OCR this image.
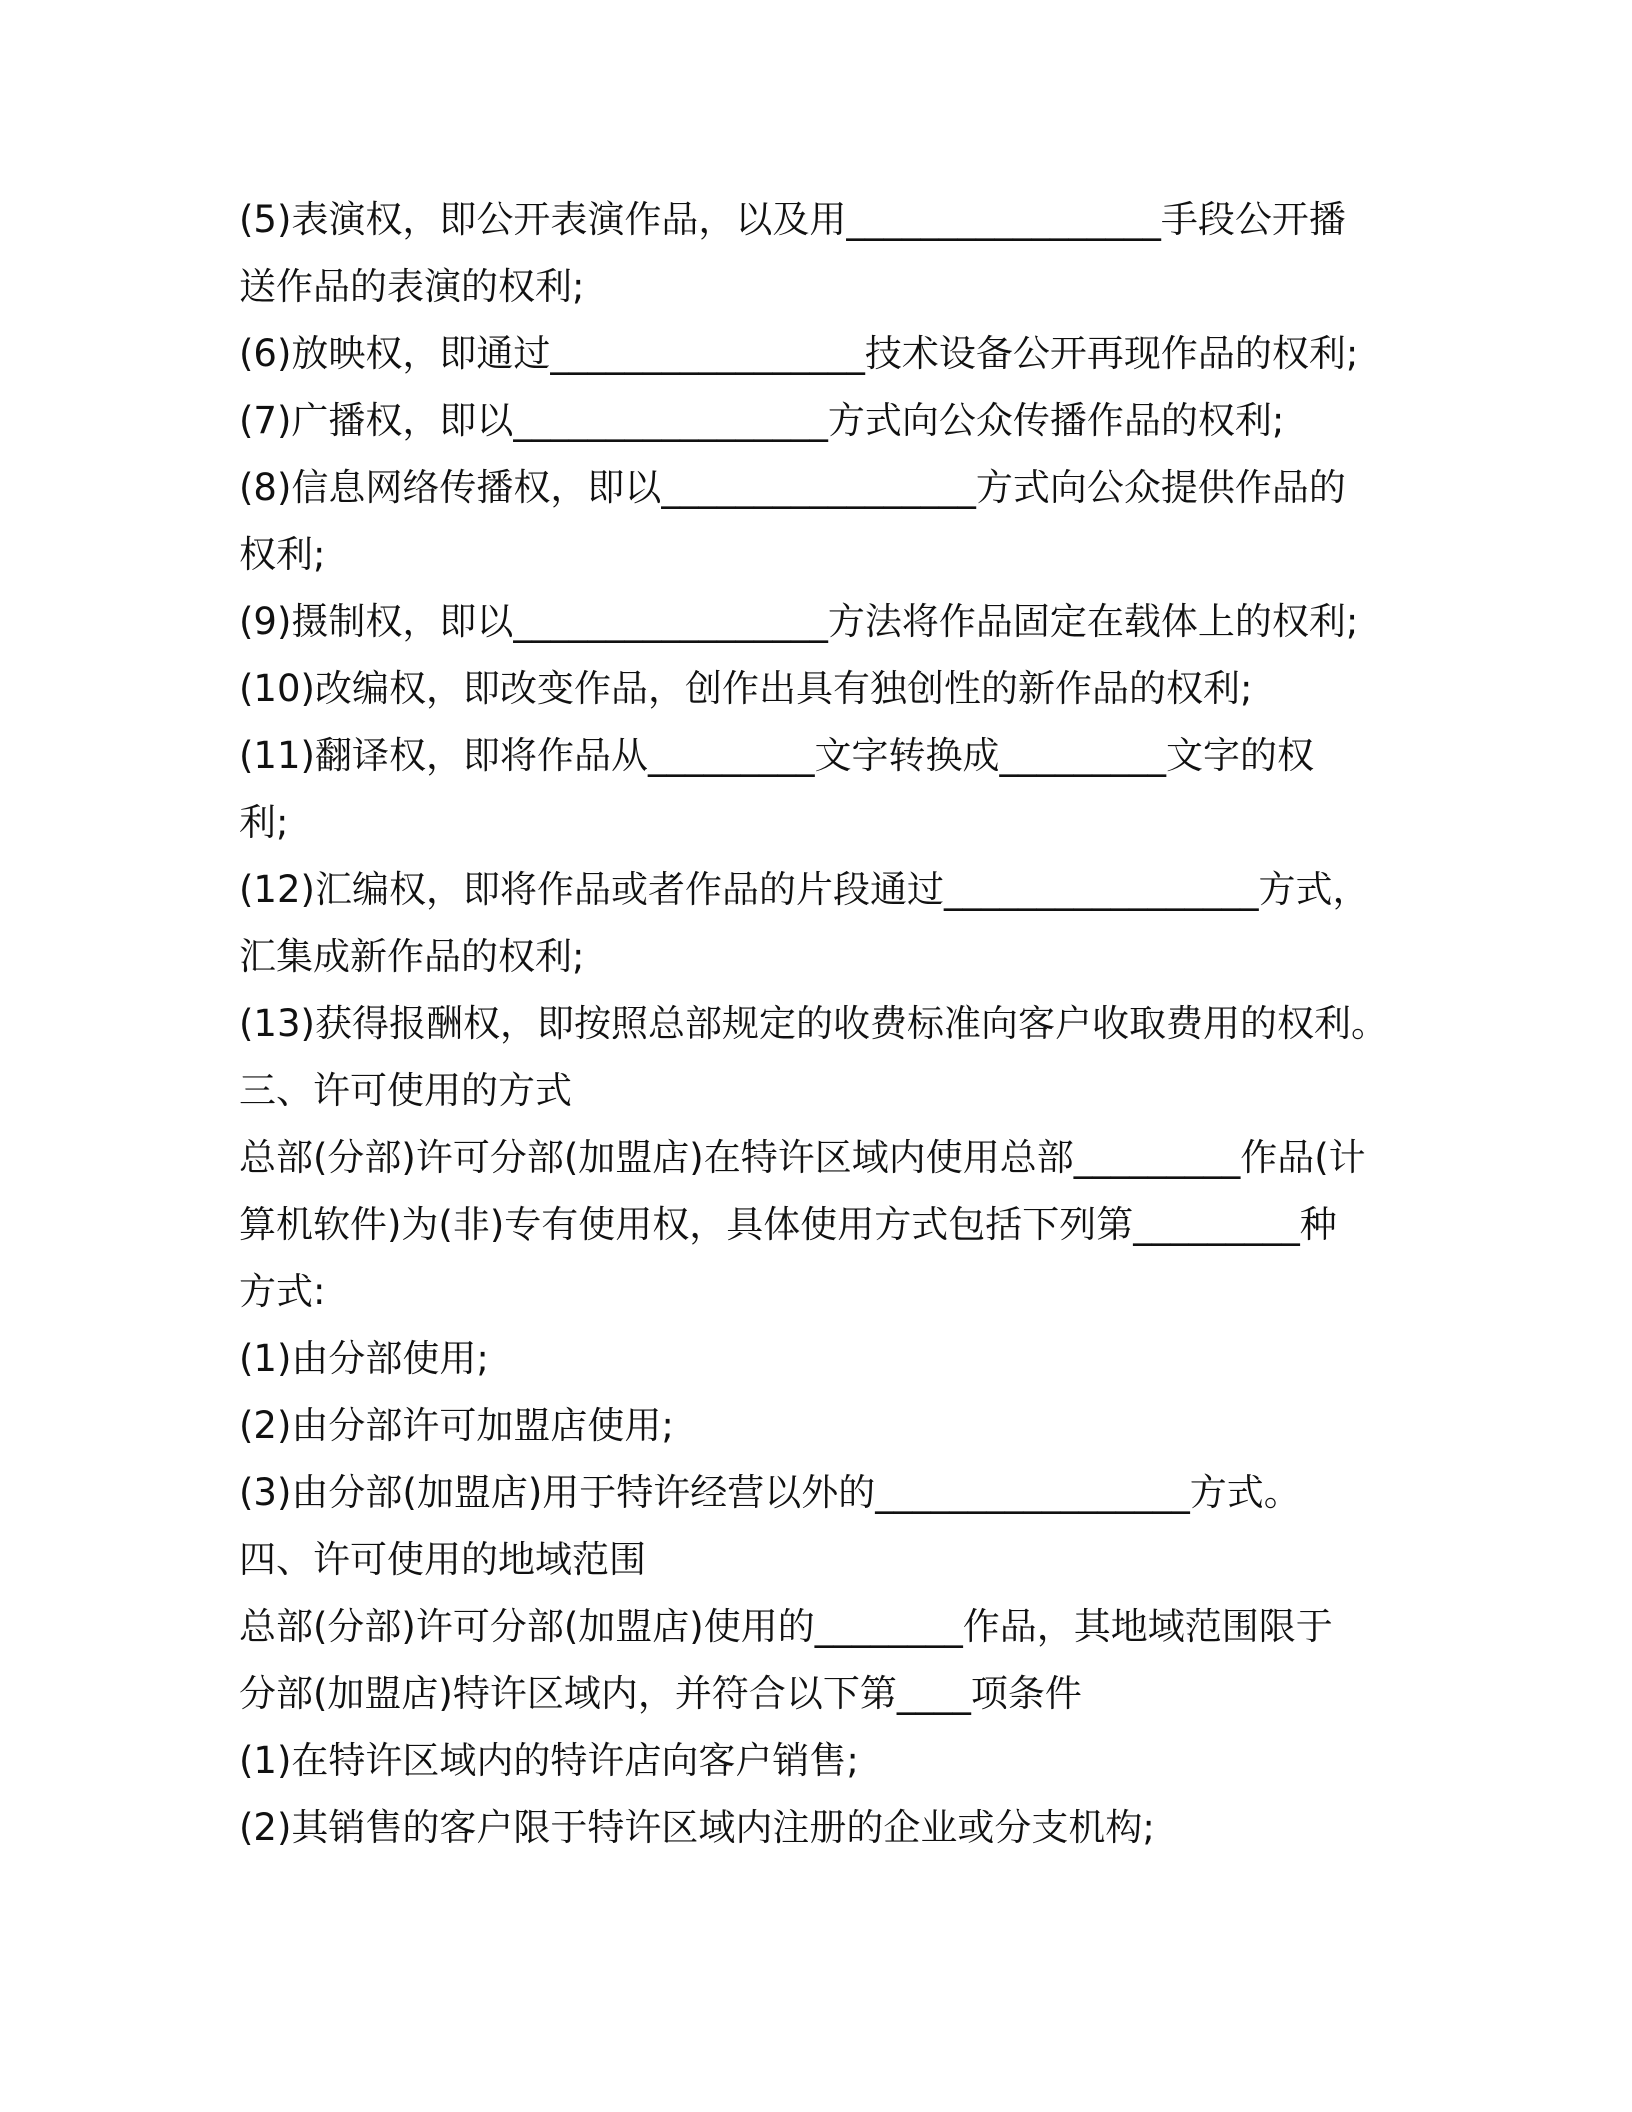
(5)表演权，即公开表演作品，以及用_________________手段公开播
送作品的表演的权利;
(6)放映权，即通过_________________技术设备公开再现作品的权利;
(7)广播权，即以_________________方式向公众传播作品的权利;
(8)信息网络传播权，即以_________________方式向公众提供作品的
权利;
(9)摄制权，即以_________________方法将作品固定在载体上的权利;
(10)改编权，即改变作品，创作出具有独创性的新作品的权利;
(11)翻译权，即将作品从_________文字转换成_________文字的权
利;
(12)汇编权，即将作品或者作品的片段通过_________________方式，
汇集成新作品的权利;
(13)获得报酬权，即按照总部规定的收费标准向客户收取费用的权利。
三、许可使用的方式
总部(分部)许可分部(加盟店)在特许区域内使用总部_________作品(计
算机软件)为(非)专有使用权，具体使用方式包括下列第_________种
方式:
(1)由分部使用;
(2)由分部许可加盟店使用;
(3)由分部(加盟店)用于特许经营以外的_________________方式。
四、许可使用的地域范围
总部(分部)许可分部(加盟店)使用的________作品，其地域范围限于
分部(加盟店)特许区域内，并符合以下第____项条件
(1)在特许区域内的特许店向客户销售;
(2)其销售的客户限于特许区域内注册的企业或分支机构;
